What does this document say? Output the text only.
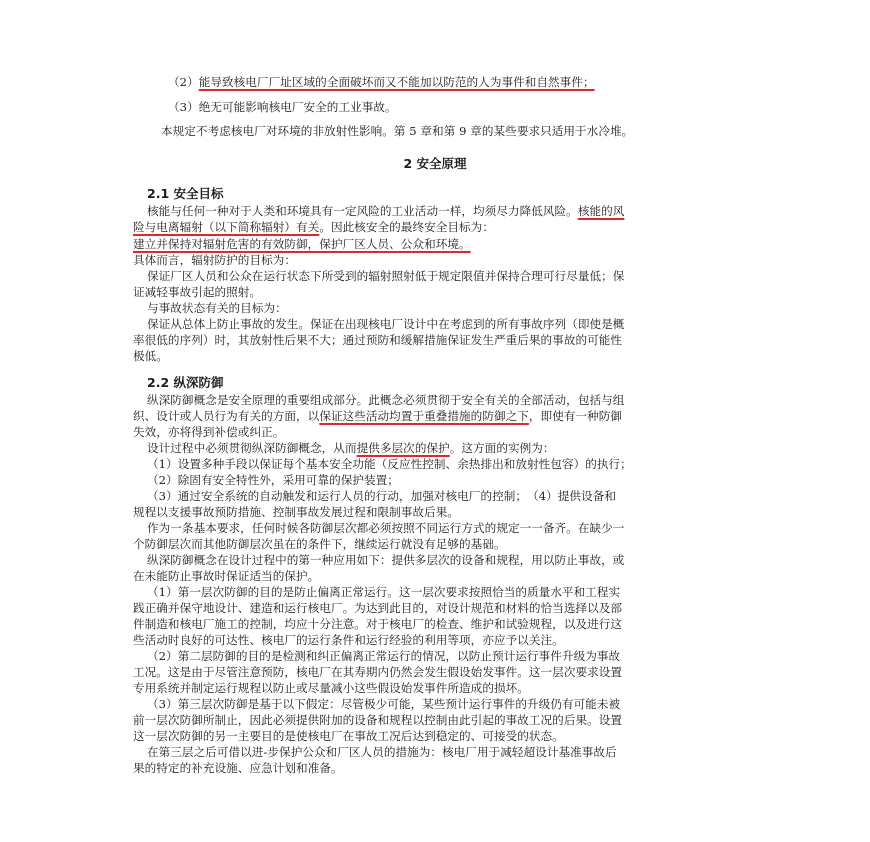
（2）能导致核电厂厂址区域的全面破坏而又不能加以防范的人为事件和自然事件；
（3）绝无可能影响核电厂安全的工业事故。
本规定不考虑核电厂对环境的非放射性影响。第 5 章和第 9 章的某些要求只适用于水冷堆。
2 安全原理
2.1 安全目标
核能与任何一种对于人类和环境具有一定风险的工业活动一样，均须尽力降低风险。核能的风
险与电离辐射（以下简称辐射）有关。因此核安全的最终安全目标为：
建立并保持对辐射危害的有效防御，保护厂区人员、公众和环境。
具体而言，辐射防护的目标为：
保证厂区人员和公众在运行状态下所受到的辐射照射低于规定限值并保持合理可行尽量低；保
证减轻事故引起的照射。
与事故状态有关的目标为：
保证从总体上防止事故的发生。保证在出现核电厂设计中在考虑到的所有事故序列（即使是概
率很低的序列）时，其放射性后果不大；通过预防和缓解措施保证发生严重后果的事故的可能性
极低。
2.2 纵深防御
纵深防御概念是安全原理的重要组成部分。此概念必须贯彻于安全有关的全部活动，包括与组
织、设计或人员行为有关的方面，以保证这些活动均置于重叠措施的防御之下，即使有一种防御
失效，亦将得到补偿或纠正。
设计过程中必须贯彻纵深防御概念，从而提供多层次的保护。这方面的实例为：
（1）设置多种手段以保证每个基本安全功能（反应性控制、余热排出和放射性包容）的执行；
（2）除固有安全特性外，采用可靠的保护装置；
（3）通过安全系统的自动触发和运行人员的行动，加强对核电厂的控制；　（4）提供设备和
规程以支援事故预防措施、控制事故发展过程和限制事故后果。
作为一条基本要求，任何时候各防御层次都必须按照不同运行方式的规定一一备齐。在缺少一
个防御层次而其他防御层次虽在的条件下，继续运行就没有足够的基础。
纵深防御概念在设计过程中的第一种应用如下：提供多层次的设备和规程，用以防止事故，或
在未能防止事故时保证适当的保护。
（1）第一层次防御的目的是防止偏离正常运行。这一层次要求按照恰当的质量水平和工程实
践正确并保守地设计、建造和运行核电厂。为达到此目的，对设计规范和材料的恰当选择以及部
件制造和核电厂施工的控制，均应十分注意。对于核电厂的检查、维护和试验规程，以及进行这
些活动时良好的可达性、核电厂的运行条件和运行经验的利用等项，亦应予以关注。
（2）第二层防御的目的是检测和纠正偏离正常运行的情况，以防止预计运行事件升级为事故
工况。这是由于尽管注意预防，核电厂在其寿期内仍然会发生假设始发事件。这一层次要求设置
专用系统并制定运行规程以防止或尽量减小这些假设始发事件所造成的损坏。
（3）第三层次防御是基于以下假定：尽管极少可能，某些预计运行事件的升级仍有可能未被
前一层次防御所制止，因此必须提供附加的设备和规程以控制由此引起的事故工况的后果。设置
这一层次防御的另一主要目的是使核电厂在事故工况后达到稳定的、可接受的状态。
在第三层之后可借以进-步保护公众和厂区人员的措施为：核电厂用于减轻超设计基准事故后
果的特定的补充设施、应急计划和准备。
